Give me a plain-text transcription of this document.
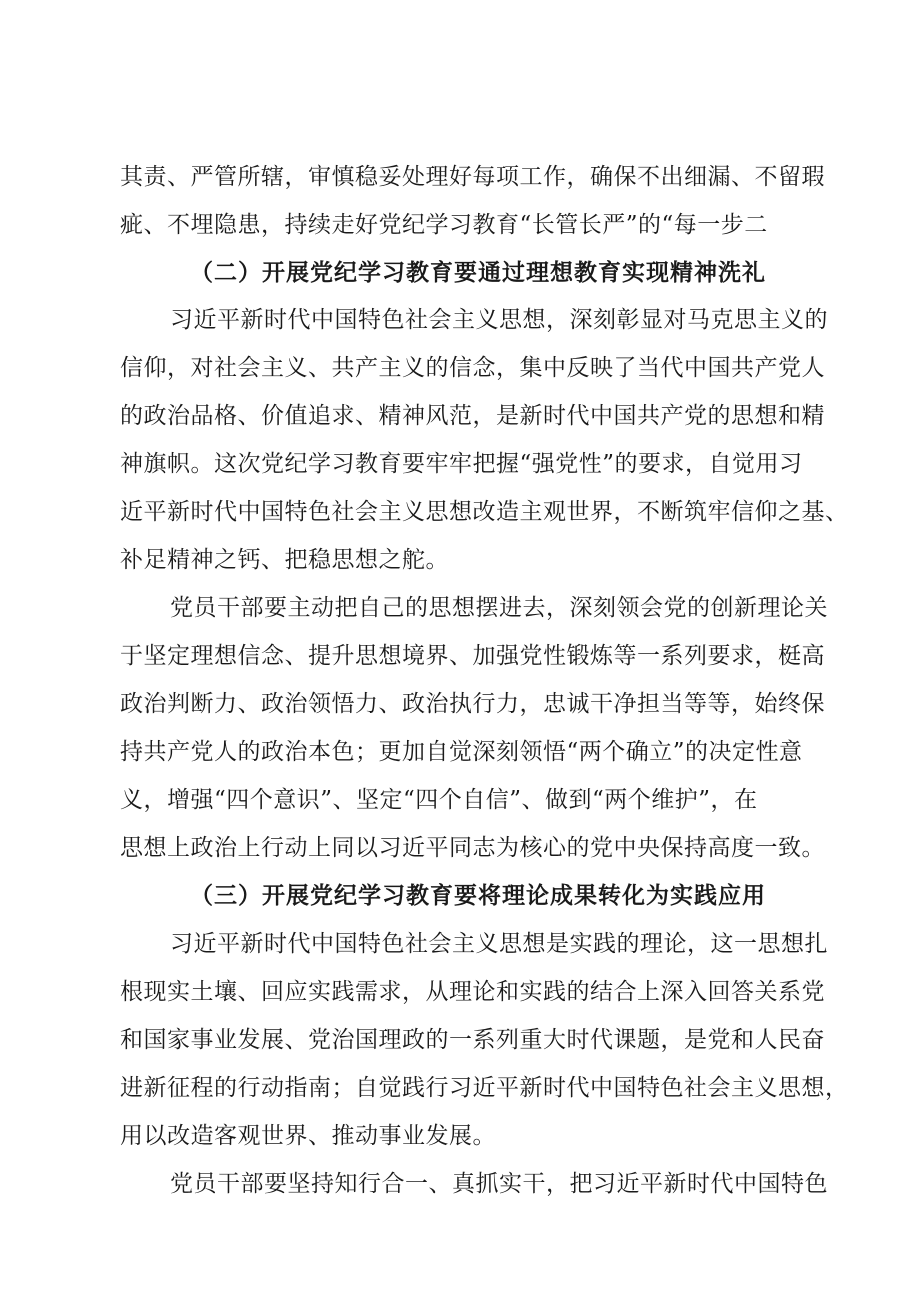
其责、严管所辖，审慎稳妥处理好每项工作，确保不出细漏、不留瑕
疵、不埋隐患，持续走好党纪学习教育“长管长严”的“每一步二
（二）开展党纪学习教育要通过理想教育实现精神洗礼
习近平新时代中国特色社会主义思想，深刻彰显对马克思主义的
信仰，对社会主义、共产主义的信念，集中反映了当代中国共产党人
的政治品格、价值追求、精神风范，是新时代中国共产党的思想和精
神旗帜。这次党纪学习教育要牢牢把握“强党性”的要求，自觉用习
近平新时代中国特色社会主义思想改造主观世界，不断筑牢信仰之基、
补足精神之钙、把稳思想之舵。
党员干部要主动把自己的思想摆进去，深刻领会党的创新理论关
于坚定理想信念、提升思想境界、加强党性锻炼等一系列要求，梃高
政治判断力、政治领悟力、政治执行力，忠诚干净担当等等，始终保
持共产党人的政治本色；更加自觉深刻领悟“两个确立”的决定性意
义，增强“四个意识”、坚定“四个自信”、做到“两个维护”，在
思想上政治上行动上同以习近平同志为核心的党中央保持高度一致。
（三）开展党纪学习教育要将理论成果转化为实践应用
习近平新时代中国特色社会主义思想是实践的理论，这一思想扎
根现实土壤、回应实践需求，从理论和实践的结合上深入回答关系党
和国家事业发展、党治国理政的一系列重大时代课题，是党和人民奋
进新征程的行动指南；自觉践行习近平新时代中国特色社会主义思想，
用以改造客观世界、推动事业发展。
党员干部要坚持知行合一、真抓实干，把习近平新时代中国特色
